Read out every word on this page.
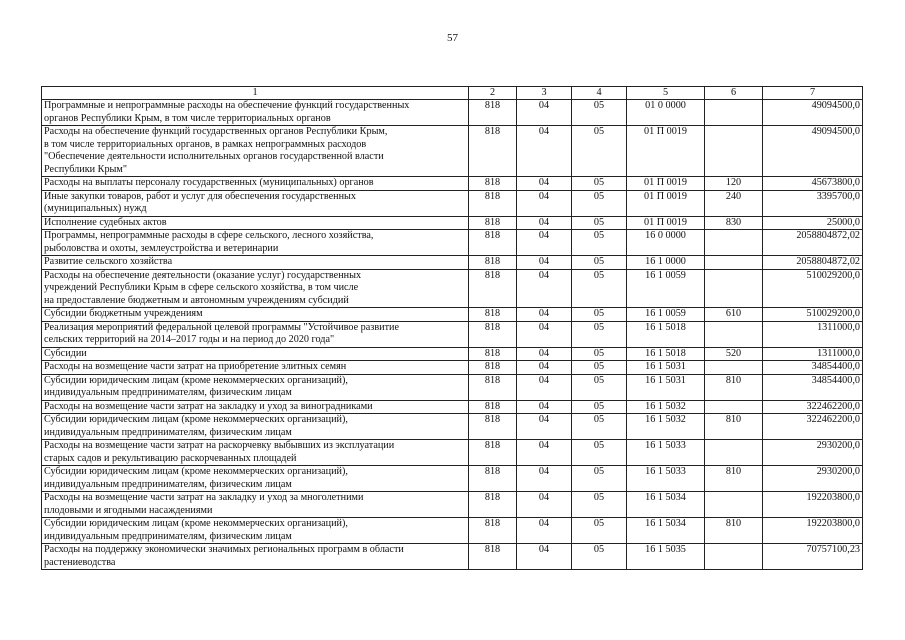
57
1	2	3	4	5	6	7

Программные и непрограммные расходы на обеспечение функций государственных
органов Республики Крым, в том числе территориальных органов	818	04	05	01 0 0000		49094500,0

Расходы на обеспечение функций государственных органов Республики Крым,
в том числе территориальных органов, в рамках непрограммных расходов
"Обеспечение деятельности исполнительных органов государственной власти
Республики Крым"	818	04	05	01 П 0019		49094500,0

Расходы на выплаты персоналу государственных (муниципальных) органов	818	04	05	01 П 0019	120	45673800,0

Иные закупки товаров, работ и услуг для обеспечения государственных
(муниципальных) нужд	818	04	05	01 П 0019	240	3395700,0

Исполнение судебных актов	818	04	05	01 П 0019	830	25000,0

Программы, непрограммные расходы в сфере сельского, лесного хозяйства,
рыболовства и охоты, землеустройства и ветеринарии	818	04	05	16 0 0000		2058804872,02

Развитие сельского хозяйства	818	04	05	16 1 0000		2058804872,02

Расходы на обеспечение деятельности (оказание услуг) государственных
учреждений Республики Крым в сфере сельского хозяйства, в том числе
на предоставление бюджетным и автономным учреждениям субсидий	818	04	05	16 1 0059		510029200,0

Субсидии бюджетным учреждениям	818	04	05	16 1 0059	610	510029200,0

Реализация мероприятий федеральной целевой программы "Устойчивое развитие
сельских территорий на 2014–2017 годы и на период до 2020 года"	818	04	05	16 1 5018		1311000,0

Субсидии	818	04	05	16 1 5018	520	1311000,0

Расходы на возмещение части затрат на приобретение элитных семян	818	04	05	16 1 5031		34854400,0

Субсидии юридическим лицам (кроме некоммерческих организаций),
индивидуальным предпринимателям, физическим лицам	818	04	05	16 1 5031	810	34854400,0

Расходы на возмещение части затрат на закладку и уход за виноградниками	818	04	05	16 1 5032		322462200,0

Субсидии юридическим лицам (кроме некоммерческих организаций),
индивидуальным предпринимателям, физическим лицам	818	04	05	16 1 5032	810	322462200,0

Расходы на возмещение части затрат на раскорчевку выбывших из эксплуатации
старых садов и рекультивацию раскорчеванных площадей	818	04	05	16 1 5033		2930200,0

Субсидии юридическим лицам (кроме некоммерческих организаций),
индивидуальным предпринимателям, физическим лицам	818	04	05	16 1 5033	810	2930200,0

Расходы на возмещение части затрат на закладку и уход за многолетними
плодовыми и ягодными насаждениями	818	04	05	16 1 5034		192203800,0

Субсидии юридическим лицам (кроме некоммерческих организаций),
индивидуальным предпринимателям, физическим лицам	818	04	05	16 1 5034	810	192203800,0

Расходы на поддержку экономически значимых региональных программ в области
растениеводства	818	04	05	16 1 5035		70757100,23
